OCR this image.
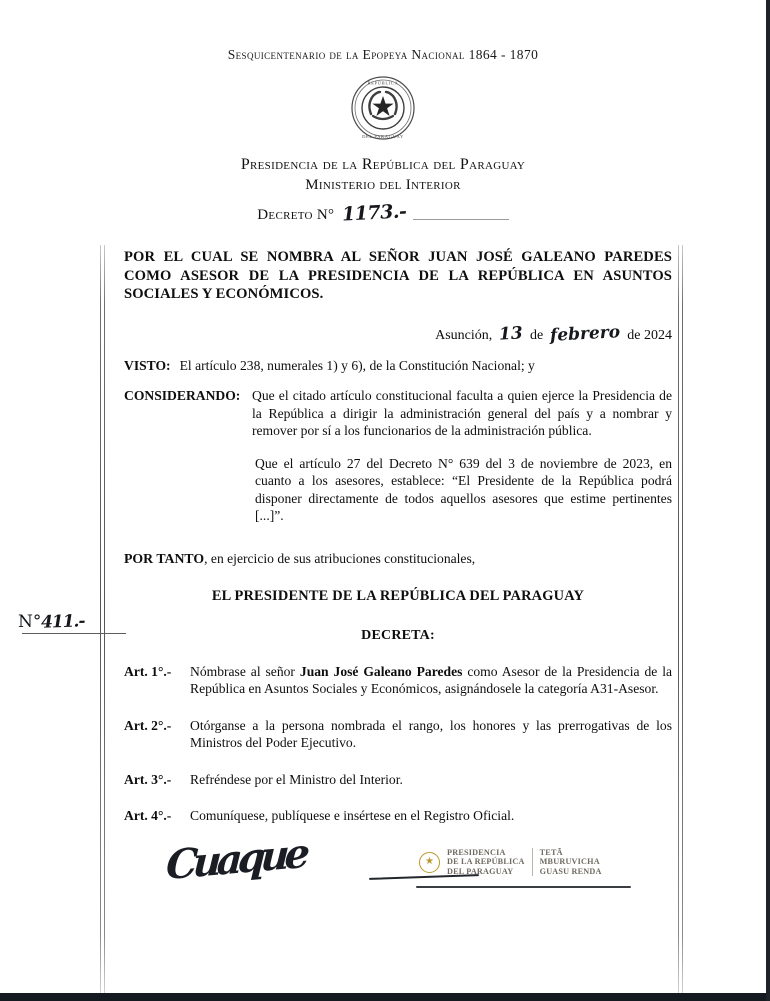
Sesquicentenario de la Epopeya Nacional 1864 - 1870
REPÚBLICA
DEL PARAGUAY
Presidencia de la República del Paraguay
Ministerio del Interior
Decreto N° 1173.-
POR EL CUAL SE NOMBRA AL SEÑOR JUAN JOSÉ GALEANO PAREDES COMO ASESOR DE LA PRESIDENCIA DE LA REPÚBLICA EN ASUNTOS SOCIALES Y ECONÓMICOS.
Asunción, 13 de febrero de 2024
VISTO: El artículo 238, numerales 1) y 6), de la Constitución Nacional; y
CONSIDERANDO: Que el citado artículo constitucional faculta a quien ejerce la Presidencia de la República a dirigir la administración general del país y a nombrar y remover por sí a los funcionarios de la administración pública.
Que el artículo 27 del Decreto N° 639 del 3 de noviembre de 2023, en cuanto a los asesores, establece: “El Presidente de la República podrá disponer directamente de todos aquellos asesores que estime pertinentes [...]”.
POR TANTO, en ejercicio de sus atribuciones constitucionales,
EL PRESIDENTE DE LA REPÚBLICA DEL PARAGUAY
DECRETA:
Art. 1°.-	Nómbrase al señor Juan José Galeano Paredes como Asesor de la Presidencia de la República en Asuntos Sociales y Económicos, asignándosele la categoría A31-Asesor.
Art. 2°.-	Otórganse a la persona nombrada el rango, los honores y las prerrogativas de los Ministros del Poder Ejecutivo.
Art. 3°.-	Refréndese por el Ministro del Interior.
Art. 4°.-	Comuníquese, publíquese e insértese en el Registro Oficial.
Cuaque	★
PRESIDENCIA
DE LA REPÚBLICA
DEL PARAGUAY
TETÃ
MBURUVICHA
GUASU RENDA
N°411.-
